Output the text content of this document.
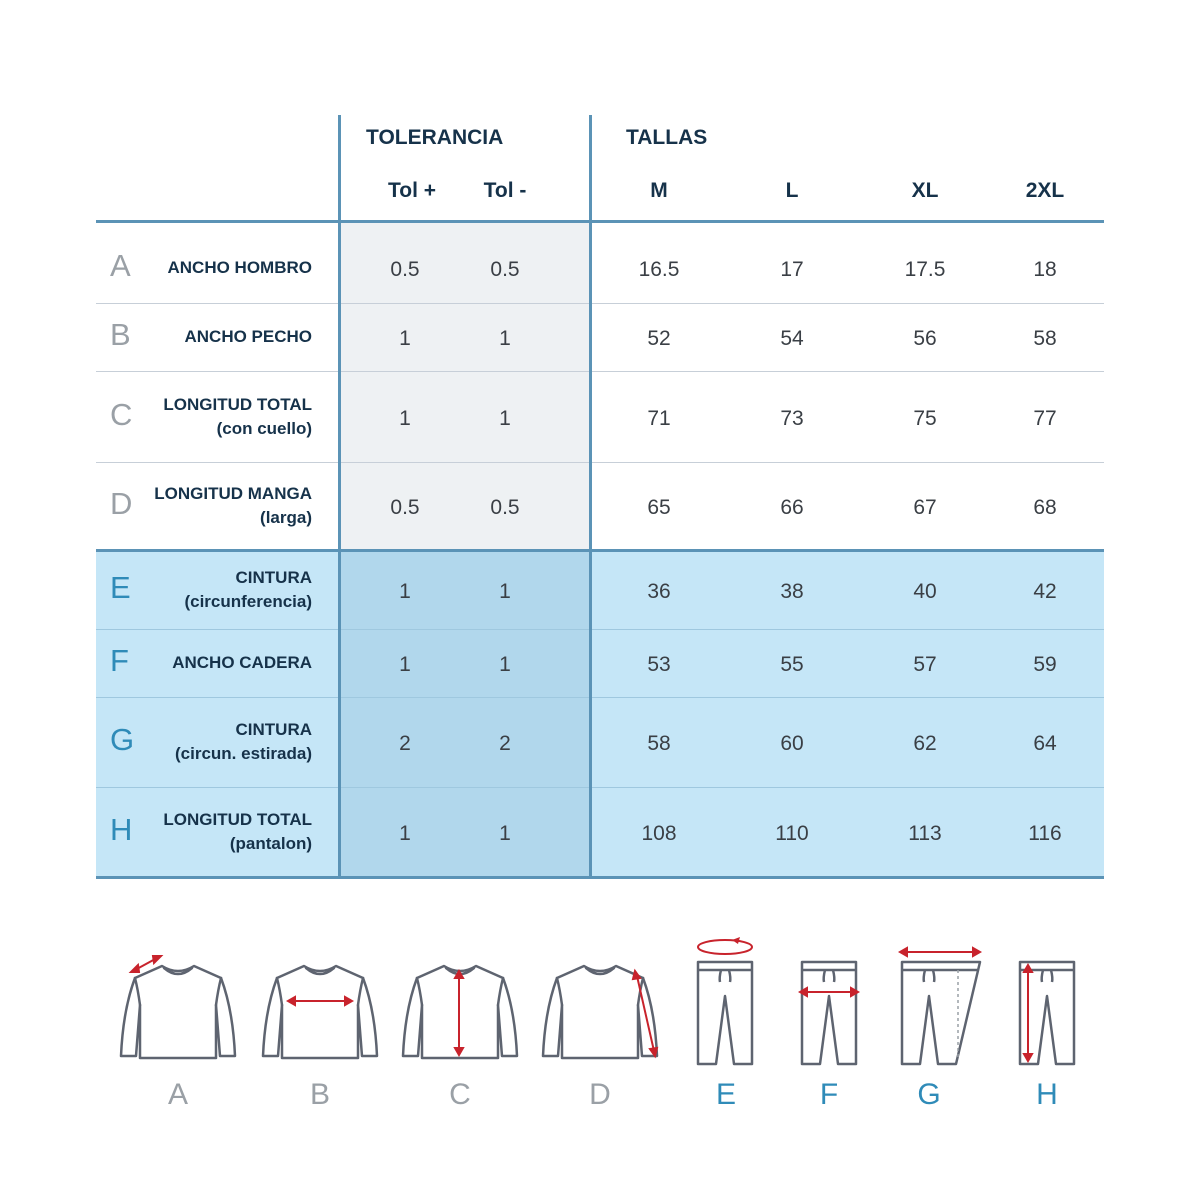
TOLERANCIA	TALLAS
Tol +	Tol -	M	L	XL	2XL
A ANCHO HOMBRO	0.5	0.5	16.5	17	17.5	18
B	ANCHO PECHO	1	1	52	54	56	58
C LONGITUD TOTAL
(con cuello)	1	1	71	73	75	77
D LONGITUD MANGA
(larga)	0.5	0.5	65	66	67	68
E	CINTURA
(circunferencia)	1	1	36	38	40	42
F	ANCHO CADERA	1	1	53	55	57	59
G	CINTURA
(circun. estirada)	2	2	58	60	62	64
H LONGITUD TOTAL
(pantalon)	1	1	108	110	113	116
A	B	C	D	E	F	G	H
